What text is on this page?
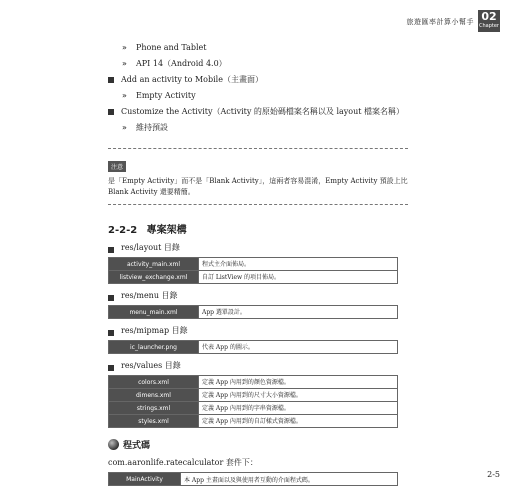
旅遊匯率計算小幫手 02
Chapter
» Phone and Tablet
» API 14（Android 4.0）
Add an activity to Mobile（主畫面）
» Empty Activity
Customize the Activity（Activity 的原始碼檔案名稱以及 layout 檔案名稱）
» 維持預設
注意
是「Empty Activity」而不是「Blank Activity」，這兩者容易混淆，Empty Activity 預設上比 Blank Activity 還要精簡。
2-2-2 專案架構
res/layout 目錄
activity_main.xml	程式主介面佈局。
listview_exchange.xml	自訂 ListView 的項目佈局。
res/menu 目錄
menu_main.xml	App 選單設計。
res/mipmap 目錄
ic_launcher.png	代表 App 的圖示。
res/values 目錄
colors.xml	定義 App 內用到的顏色資源檔。
dimens.xml	定義 App 內用到的尺寸大小資源檔。
strings.xml	定義 App 內用到的字串資源檔。
styles.xml	定義 App 內用到的自訂樣式資源檔。
程式碼
com.aaronlife.ratecalculator 套件下：
MainActivity	本 App 主畫面以及與使用者互動的介面程式碼。
2-5
